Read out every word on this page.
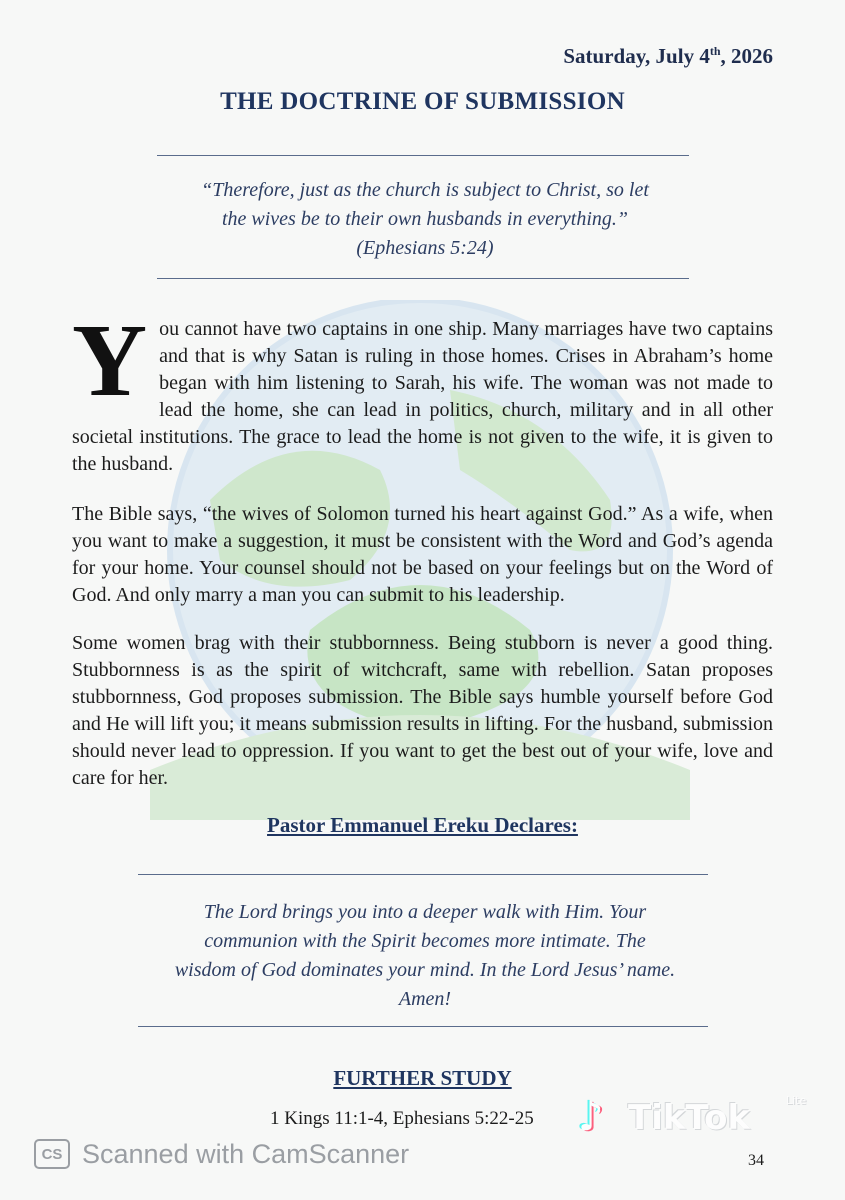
Saturday, July 4th, 2026
THE DOCTRINE OF SUBMISSION
“Therefore, just as the church is subject to Christ, so let
the wives be to their own husbands in everything.”
(Ephesians 5:24)
You cannot have two captains in one ship. Many marriages have two captains and that is why Satan is ruling in those homes. Crises in Abraham’s home began with him listening to Sarah, his wife. The woman was not made to lead the home, she can lead in politics, church, military and in all other societal institutions. The grace to lead the home is not given to the wife, it is given to the husband.
The Bible says, “the wives of Solomon turned his heart against God.” As a wife, when you want to make a suggestion, it must be consistent with the Word and God’s agenda for your home. Your counsel should not be based on your feelings but on the Word of God. And only marry a man you can submit to his leadership.
Some women brag with their stubbornness. Being stubborn is never a good thing. Stubbornness is as the spirit of witchcraft, same with rebellion. Satan proposes stubbornness, God proposes submission. The Bible says humble yourself before God and He will lift you; it means submission results in lifting. For the husband, submission should never lead to oppression. If you want to get the best out of your wife, love and care for her.
Pastor Emmanuel Ereku Declares:
The Lord brings you into a deeper walk with Him. Your
communion with the Spirit becomes more intimate. The
wisdom of God dominates your mind. In the Lord Jesus’ name.
Amen!
FURTHER STUDY
1 Kings 11:1-4, Ephesians 5:22-25 ♪ TikTok	Lite
CS Scanned with CamScanner	34
